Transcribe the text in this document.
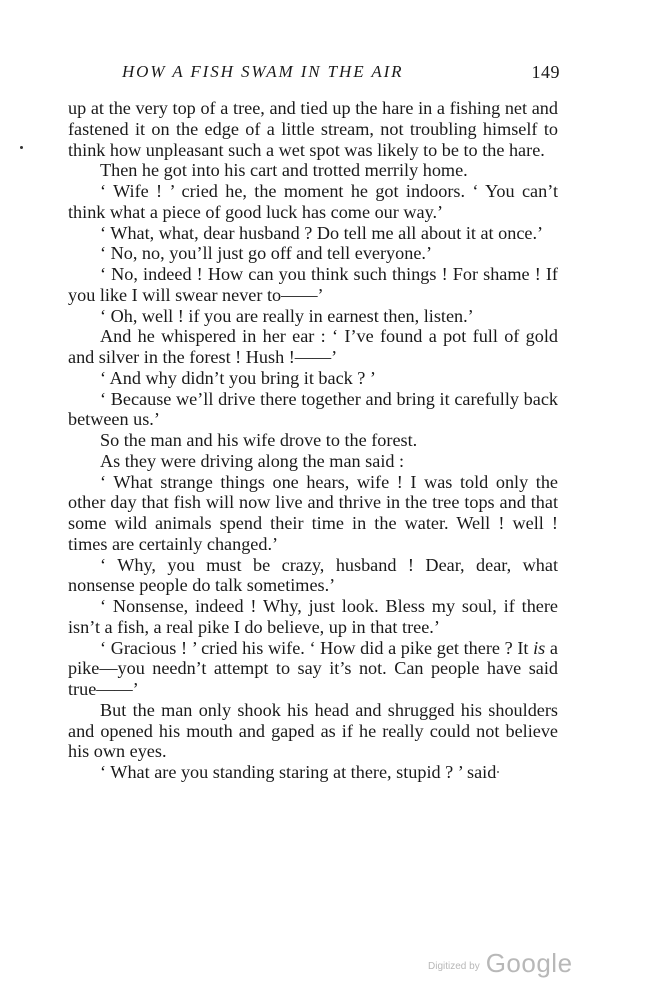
HOW A FISH SWAM IN THE AIR	149

up at the very top of a tree, and tied up the hare in a fishing net and fastened it on the edge of a little stream, not troubling himself to think how unpleasant such a wet spot was likely to be to the hare.

Then he got into his cart and trotted merrily home.

‘ Wife ! ’ cried he, the moment he got indoors. ‘ You can’t think what a piece of good luck has come our way.’

‘ What, what, dear husband ? Do tell me all about it at once.’

‘ No, no, you’ll just go off and tell everyone.’

‘ No, indeed ! How can you think such things ! For shame ! If you like I will swear never to——’

‘ Oh, well ! if you are really in earnest then, listen.’

And he whispered in her ear : ‘ I’ve found a pot full of gold and silver in the forest ! Hush !——’

‘ And why didn’t you bring it back ? ’

‘ Because we’ll drive there together and bring it carefully back between us.’

So the man and his wife drove to the forest.

As they were driving along the man said :

‘ What strange things one hears, wife ! I was told only the other day that fish will now live and thrive in the tree tops and that some wild animals spend their time in the water. Well ! well ! times are certainly changed.’

‘ Why, you must be crazy, husband ! Dear, dear, what nonsense people do talk sometimes.’

‘ Nonsense, indeed ! Why, just look. Bless my soul, if there isn’t a fish, a real pike I do believe, up in that tree.’

‘ Gracious ! ’ cried his wife. ‘ How did a pike get there ? It is a pike—you needn’t attempt to say it’s not. Can people have said true——’

But the man only shook his head and shrugged his shoulders and opened his mouth and gaped as if he really could not believe his own eyes.

‘ What are you standing staring at there, stupid ? ’ said

Digitized by Google
